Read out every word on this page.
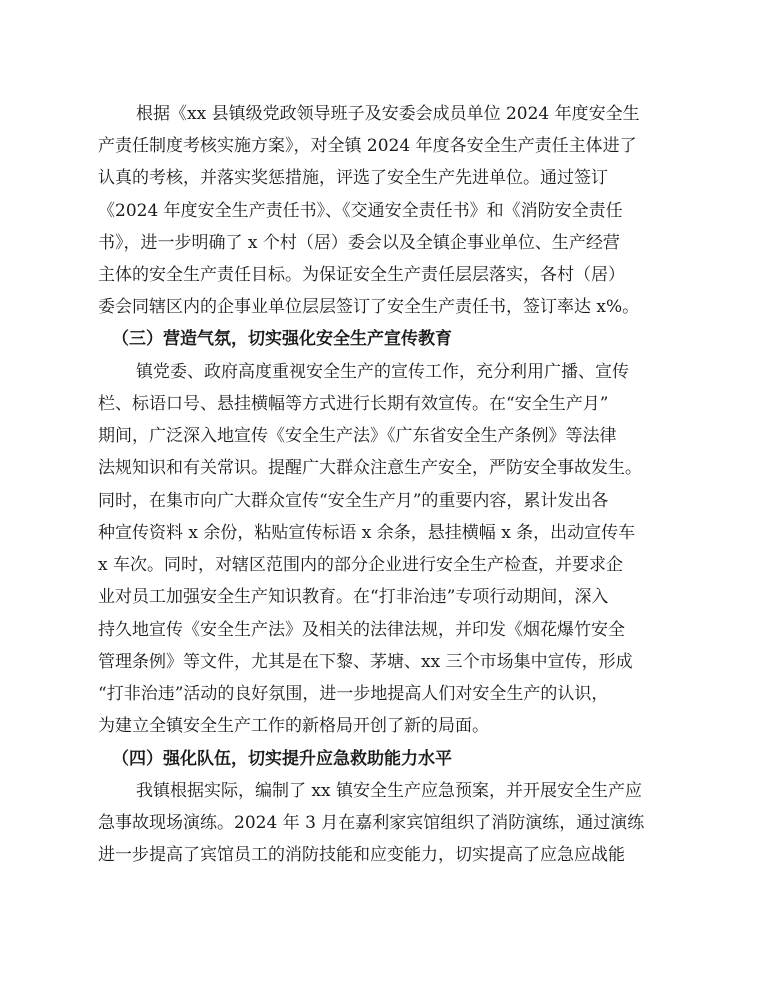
根据《xx 县镇级党政领导班子及安委会成员单位 2024 年度安全生
产责任制度考核实施方案》，对全镇 2024 年度各安全生产责任主体进了
认真的考核，并落实奖惩措施，评选了安全生产先进单位。通过签订
《2024 年度安全生产责任书》、《交通安全责任书》和《消防安全责任
书》，进一步明确了 x 个村（居）委会以及全镇企事业单位、生产经营
主体的安全生产责任目标。为保证安全生产责任层层落实，各村（居）
委会同辖区内的企事业单位层层签订了安全生产责任书，签订率达 x%。
（三）营造气氛，切实强化安全生产宣传教育
镇党委、政府高度重视安全生产的宣传工作，充分利用广播、宣传
栏、标语口号、悬挂横幅等方式进行长期有效宣传。在“安全生产月”
期间，广泛深入地宣传《安全生产法》《广东省安全生产条例》等法律
法规知识和有关常识。提醒广大群众注意生产安全，严防安全事故发生。
同时，在集市向广大群众宣传“安全生产月”的重要内容，累计发出各
种宣传资料 x 余份，粘贴宣传标语 x 余条，悬挂横幅 x 条，出动宣传车
x 车次。同时，对辖区范围内的部分企业进行安全生产检查，并要求企
业对员工加强安全生产知识教育。在“打非治违”专项行动期间，深入
持久地宣传《安全生产法》及相关的法律法规，并印发《烟花爆竹安全
管理条例》等文件，尤其是在下黎、茅塘、xx 三个市场集中宣传，形成
“打非治违”活动的良好氛围，进一步地提高人们对安全生产的认识，
为建立全镇安全生产工作的新格局开创了新的局面。
（四）强化队伍，切实提升应急救助能力水平
我镇根据实际，编制了 xx 镇安全生产应急预案，并开展安全生产应
急事故现场演练。2024 年 3 月在嘉利家宾馆组织了消防演练，通过演练
进一步提高了宾馆员工的消防技能和应变能力，切实提高了应急应战能
